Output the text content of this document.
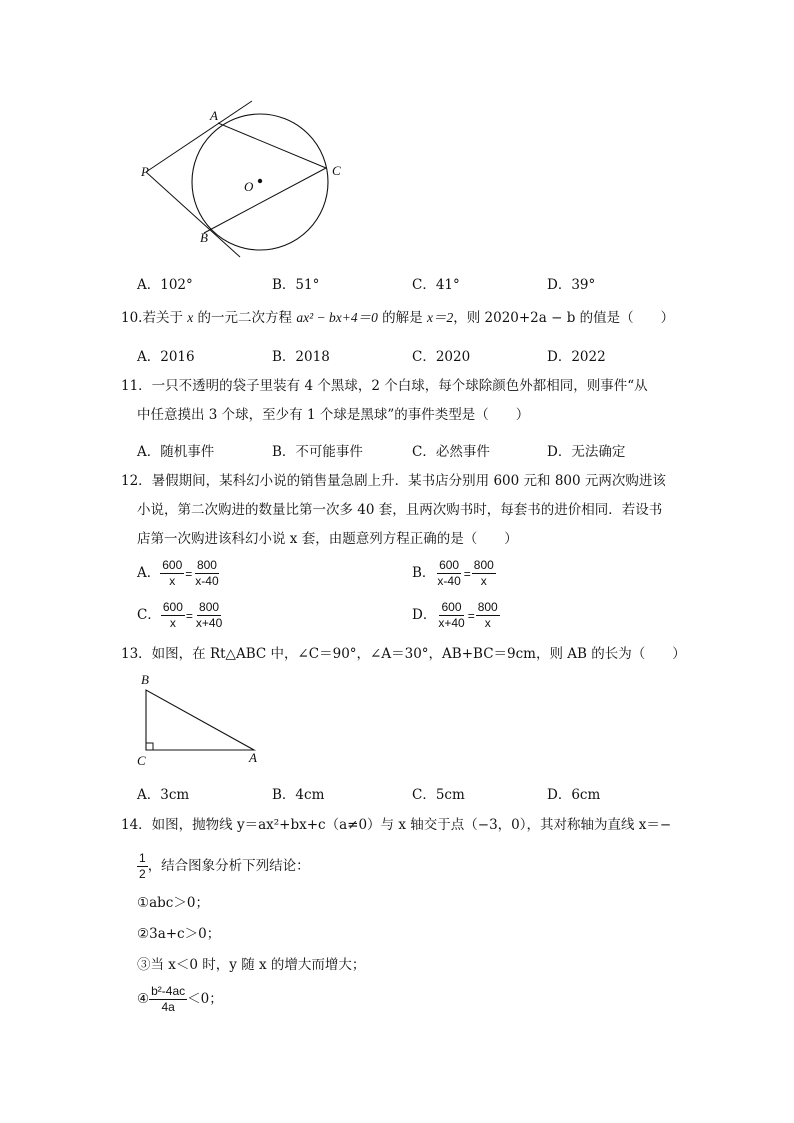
A
P	C
O
B
A．102°	B．51°	C．41°	D．39°
10.若关于 x 的一元二次方程 ax² − bx+4＝0 的解是 x＝2，则 2020+2a − b 的值是（　　）
A．2016	B．2018	C．2020	D．2022
11．一只不透明的袋子里装有 4 个黑球，2 个白球，每个球除颜色外都相同，则事件“从
中任意摸出 3 个球，至少有 1 个球是黑球”的事件类型是（　　）
A．随机事件	B．不可能事件	C．必然事件	D．无法确定
12．暑假期间，某科幻小说的销售量急剧上升．某书店分别用 600 元和 800 元两次购进该
小说，第二次购进的数量比第一次多 40 套，且两次购书时，每套书的进价相同．若设书
店第一次购进该科幻小说 x 套，由题意列方程正确的是（　　）
A． $\frac{600}{x} = \frac{800}{x-40}$	B． $\frac{600}{x-40} = \frac{800}{x}$
C． $\frac{600}{x} = \frac{800}{x+40}$	D． $\frac{600}{x+40} = \frac{800}{x}$
13．如图，在 Rt△ABC 中，∠C＝90°，∠A＝30°，AB+BC＝9cm，则 AB 的长为（　　）
B
C	A
A．3cm	B．4cm	C．5cm	D．6cm
14．如图，抛物线 y＝ax²+bx+c（a≠0）与 x 轴交于点（−3，0），其对称轴为直线 x＝−
$\frac{1}{2}$ ，结合图象分析下列结论：
①abc＞0；
②3a+c＞0；
③当 x＜0 时，y 随 x 的增大而增大；
④ $\frac{\text{b²-4ac}}{4a} <0$；
